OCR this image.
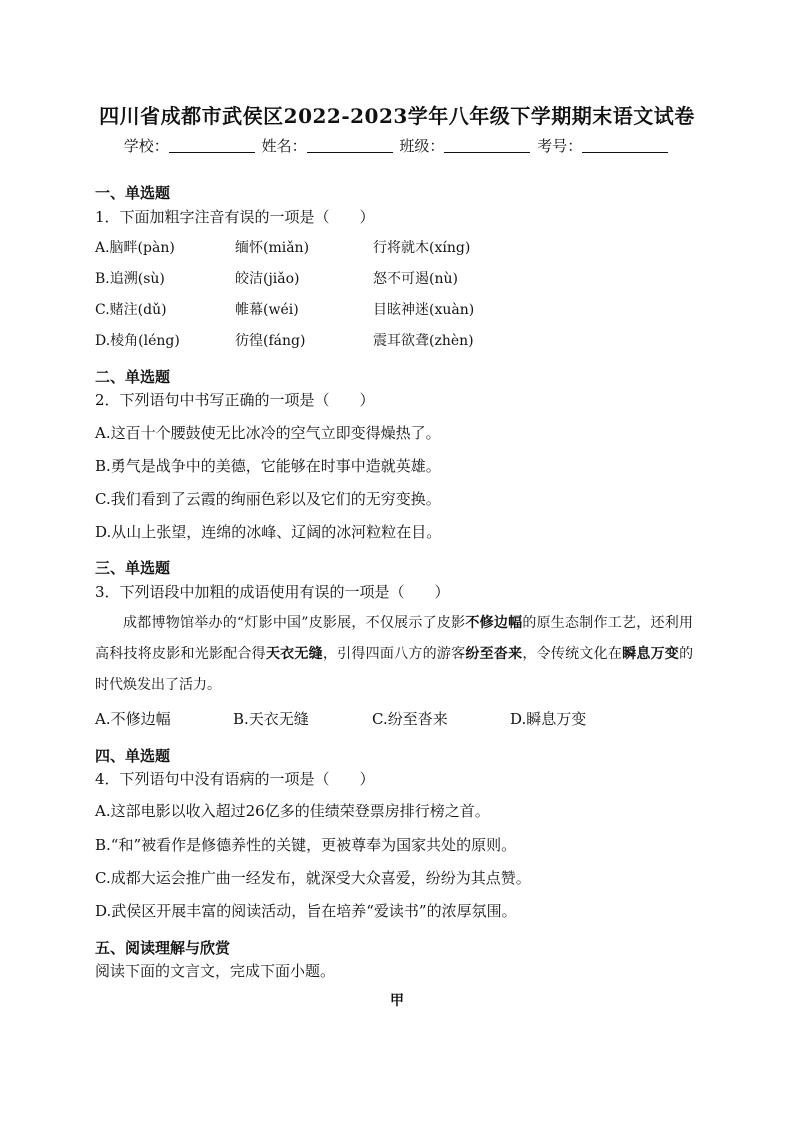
四川省成都市武侯区2022-2023学年八年级下学期期末语文试卷
学校：	姓名：	班级：	考号：
一、单选题
1．下面加粗字注音有误的一项是（　　）
A.脑畔(pàn)	缅怀(miǎn)	行将就木(xíng)
B.追溯(sù)	皎洁(jiǎo)	怒不可遏(nù)
C.赌注(dǔ)	帷幕(wéi)	目眩神迷(xuàn)
D.棱角(léng)	彷徨(fáng)	震耳欲聋(zhèn)
二、单选题
2．下列语句中书写正确的一项是（　　）
A.这百十个腰鼓使无比冰冷的空气立即变得燥热了。
B.勇气是战争中的美德，它能够在时事中造就英雄。
C.我们看到了云霞的绚丽色彩以及它们的无穷变换。
D.从山上张望，连绵的冰峰、辽阔的冰河粒粒在目。
三、单选题
3．下列语段中加粗的成语使用有误的一项是（　　）
成都博物馆举办的“灯影中国”皮影展，不仅展示了皮影不修边幅的原生态制作工艺，还利用高科技将皮影和光影配合得天衣无缝，引得四面八方的游客纷至沓来，令传统文化在瞬息万变的时代焕发出了活力。
A.不修边幅	B.天衣无缝	C.纷至沓来	D.瞬息万变
四、单选题
4．下列语句中没有语病的一项是（　　）
A.这部电影以收入超过26亿多的佳绩荣登票房排行榜之首。
B.“和”被看作是修德养性的关键，更被尊奉为国家共处的原则。
C.成都大运会推广曲一经发布，就深受大众喜爱，纷纷为其点赞。
D.武侯区开展丰富的阅读活动，旨在培养“爱读书”的浓厚氛围。
五、阅读理解与欣赏
阅读下面的文言文，完成下面小题。
甲
